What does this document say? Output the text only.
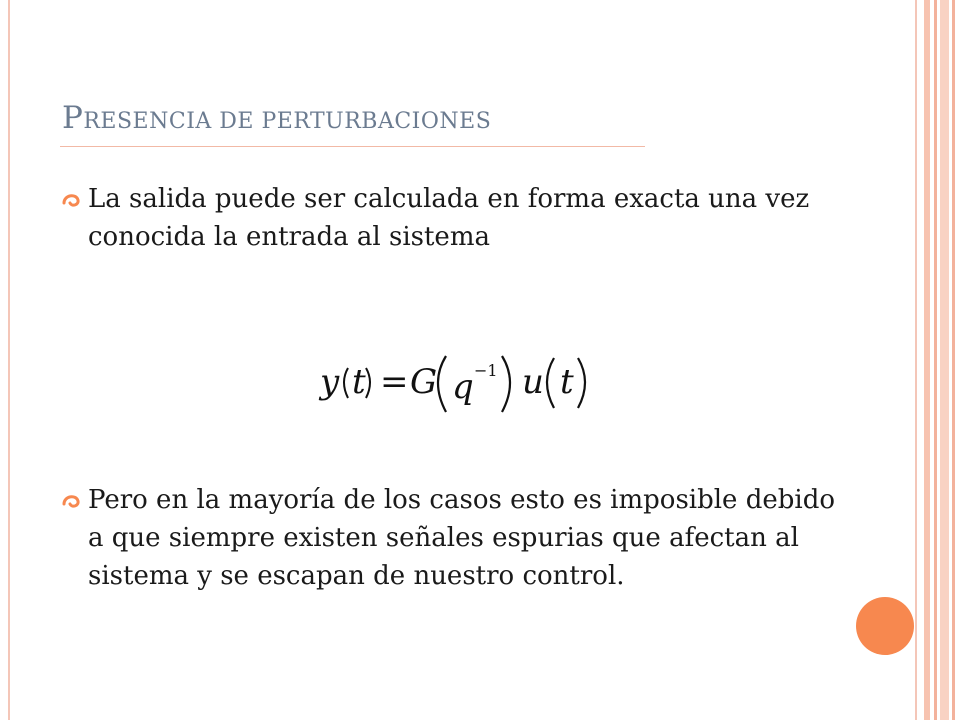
PRESENCIA DE PERTURBACIONES
La salida puede ser calculada en forma exacta una vez conocida la entrada al sistema
y t = G q −1 u t
Pero en la mayoría de los casos esto es imposible debido a que siempre existen señales espurias que afectan al sistema y se escapan de nuestro control.
